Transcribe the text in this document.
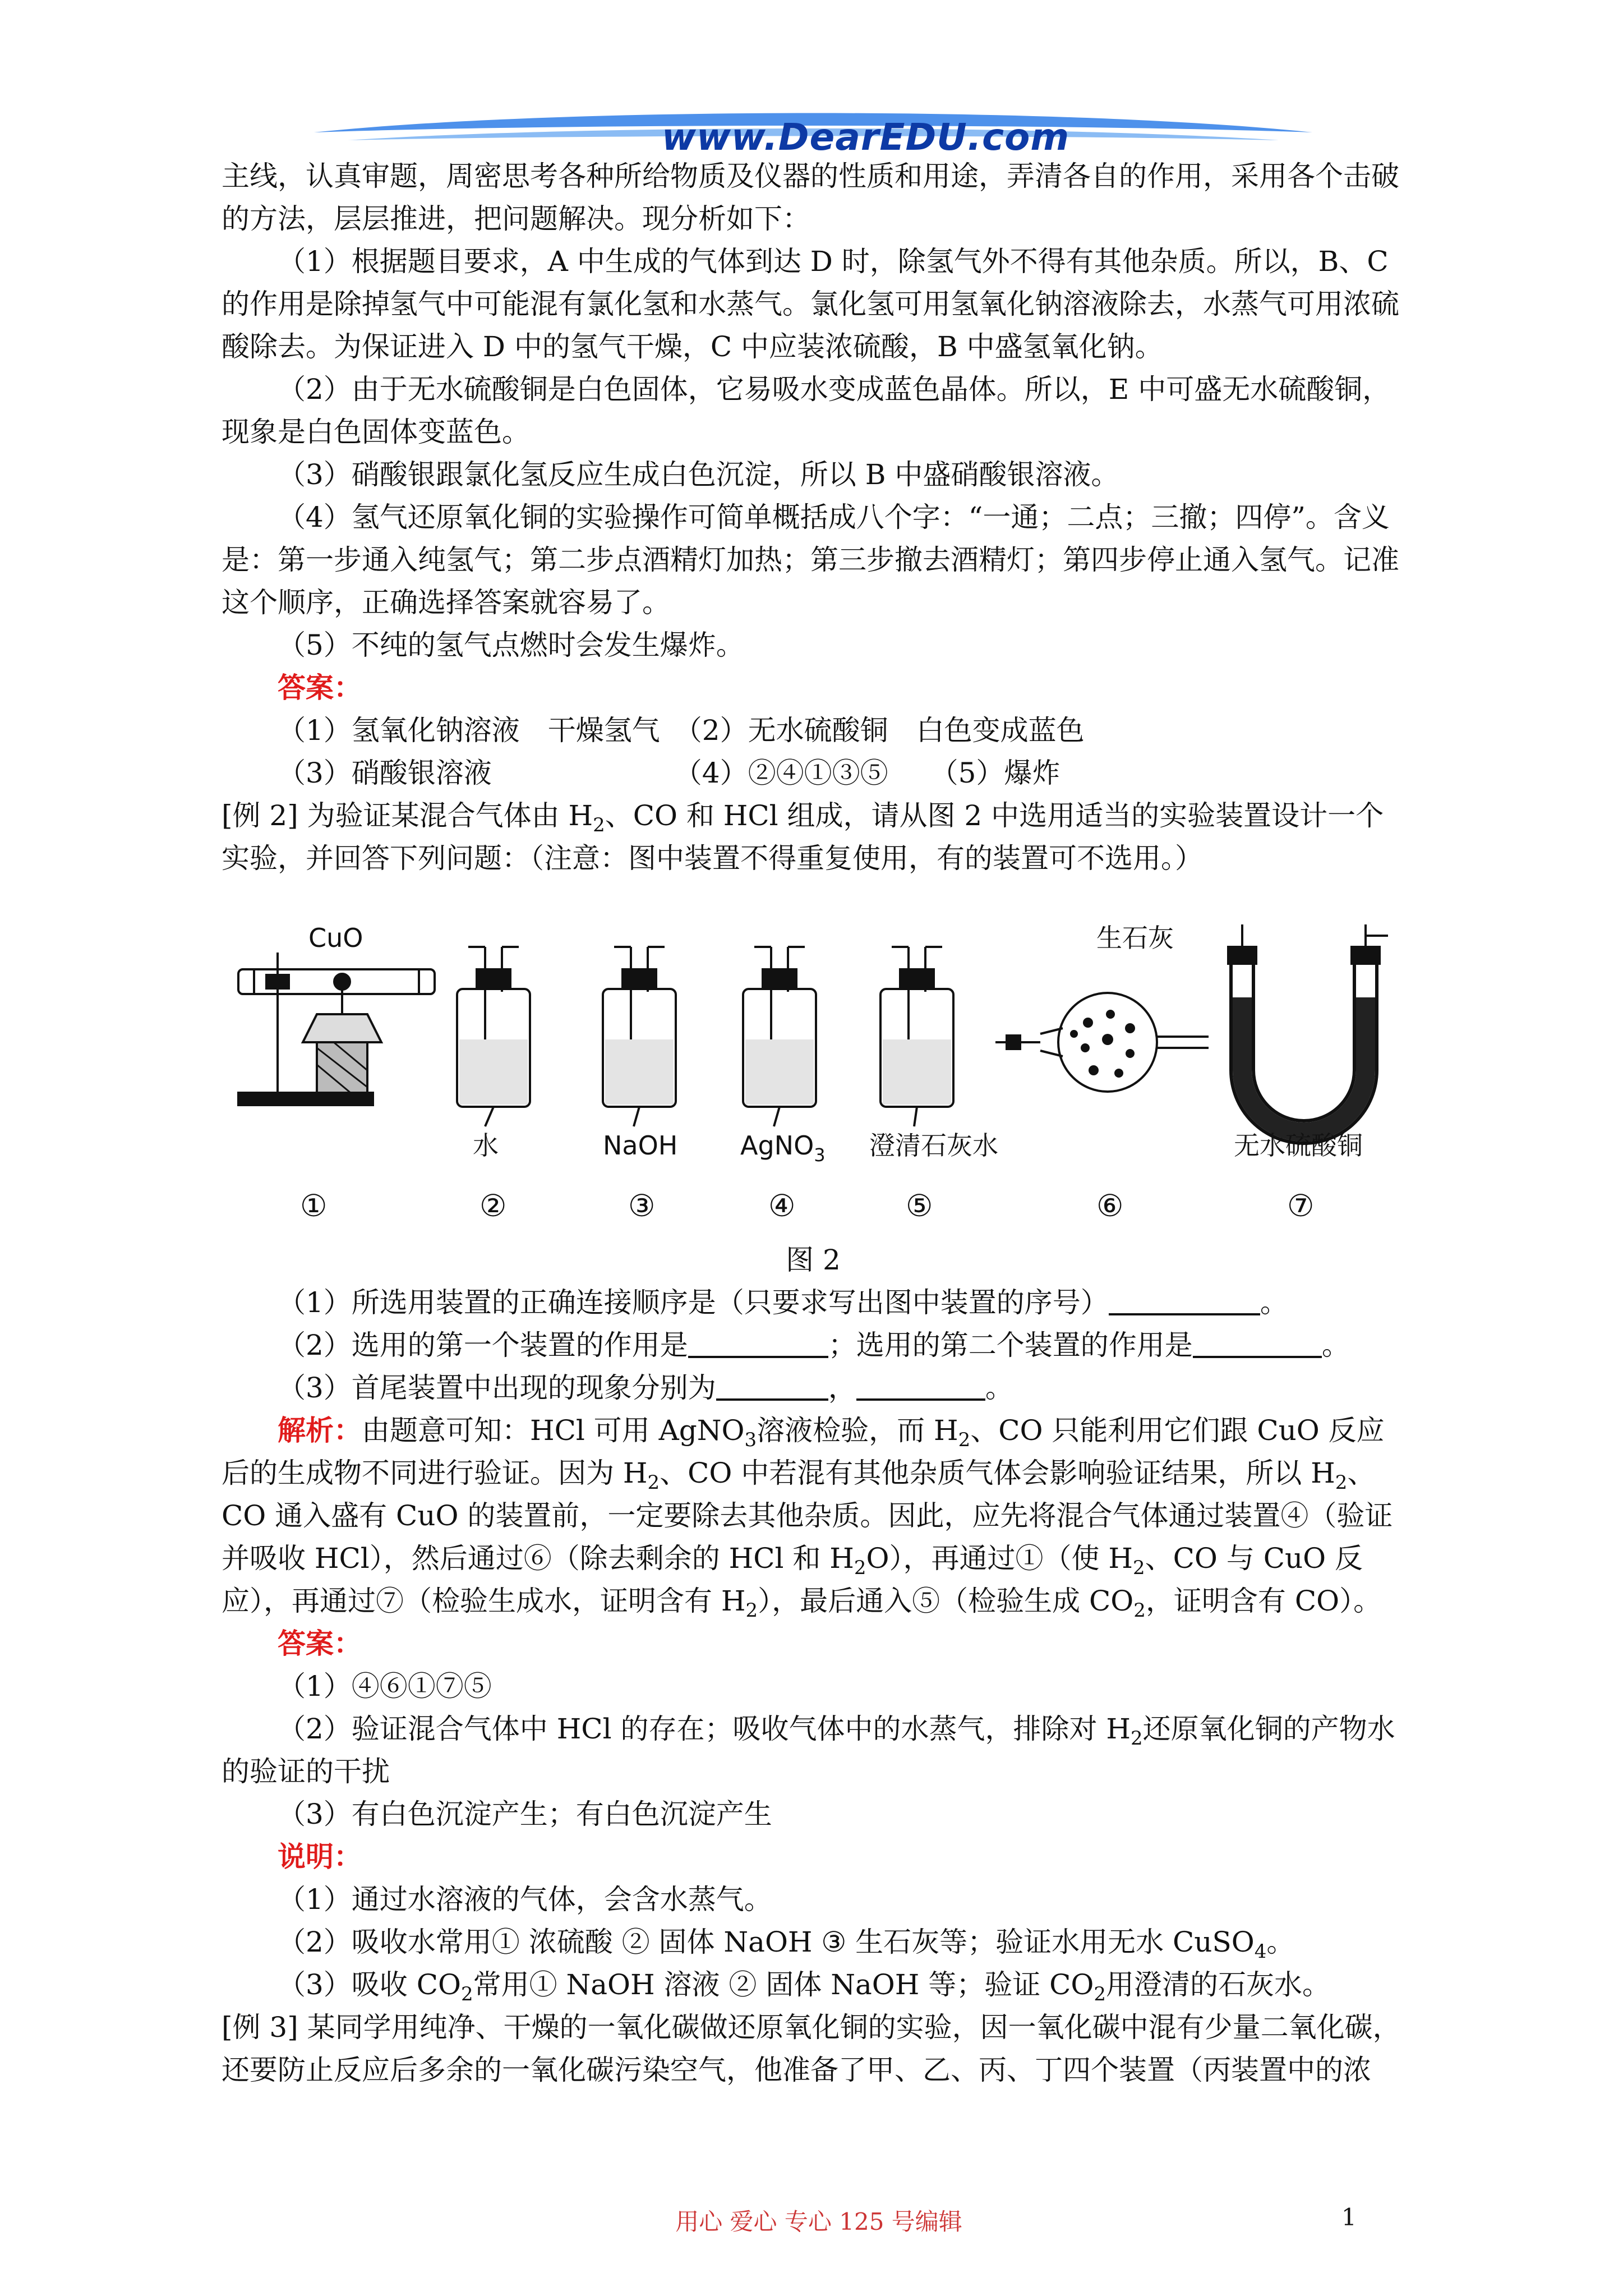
www.DearEDU.com

主线，认真审题，周密思考各种所给物质及仪器的性质和用途，弄清各自的作用，采用各个击破的方法，层层推进，把问题解决。现分析如下：

（1）根据题目要求，A 中生成的气体到达 D 时，除氢气外不得有其他杂质。所以，B、C 的作用是除掉氢气中可能混有氯化氢和水蒸气。氯化氢可用氢氧化钠溶液除去，水蒸气可用浓硫酸除去。为保证进入 D 中的氢气干燥，C 中应装浓硫酸，B 中盛氢氧化钠。

（2）由于无水硫酸铜是白色固体，它易吸水变成蓝色晶体。所以，E 中可盛无水硫酸铜，现象是白色固体变蓝色。

（3）硝酸银跟氯化氢反应生成白色沉淀，所以 B 中盛硝酸银溶液。

（4）氢气还原氧化铜的实验操作可简单概括成八个字：“一通；二点；三撤；四停”。含义是：第一步通入纯氢气；第二步点酒精灯加热；第三步撤去酒精灯；第四步停止通入氢气。记准这个顺序，正确选择答案就容易了。

（5）不纯的氢气点燃时会发生爆炸。

答案：

（1）氢氧化钠溶液　干燥氢气　（2）无水硫酸铜　白色变成蓝色

（3）硝酸银溶液　　　　　　　（4）②④①③⑤　　（5）爆炸

[例 2] 为验证某混合气体由 $H_2$、CO 和 HCl 组成，请从图 2 中选用适当的实验装置设计一个实验，并回答下列问题：（注意：图中装置不得重复使用，有的装置可不选用。）

CuO
水	NaOH AgNO$_3$ 澄清石灰水
生石灰
无水硫酸铜
①	②	③	④	⑤	⑥	⑦

图 2

（1）所选用装置的正确连接顺序是（只要求写出图中装置的序号）	。

（2）选用的第一个装置的作用是	；选用的第二个装置的作用是	。

（3）首尾装置中出现的现象分别为	，	。

解析：由题意可知：HCl 可用 AgNO$_3$溶液检验，而 $H_2$、CO 只能利用它们跟 CuO 反应后的生成物不同进行验证。因为 $H_2$、CO 中若混有其他杂质气体会影响验证结果，所以 $H_2$、CO 通入盛有 CuO 的装置前，一定要除去其他杂质。因此，应先将混合气体通过装置④（验证并吸收 HCl），然后通过⑥（除去剩余的 HCl 和 $H_2O$），再通过①（使 $H_2$、CO 与 CuO 反应），再通过⑦（检验生成水，证明含有 $H_2$），最后通入⑤（检验生成 $CO_2$，证明含有 CO）。

答案：

（1）④⑥①⑦⑤

（2）验证混合气体中 HCl 的存在；吸收气体中的水蒸气，排除对 $H_2$还原氧化铜的产物水的验证的干扰

（3）有白色沉淀产生；有白色沉淀产生

说明：

（1）通过水溶液的气体，会含水蒸气。

（2）吸收水常用① 浓硫酸 ② 固体 NaOH ③ 生石灰等；验证水用无水 CuSO$_4$。

（3）吸收 $CO_2$常用① NaOH 溶液 ② 固体 NaOH 等；验证 $CO_2$用澄清的石灰水。

[例 3] 某同学用纯净、干燥的一氧化碳做还原氧化铜的实验，因一氧化碳中混有少量二氧化碳，还要防止反应后多余的一氧化碳污染空气，他准备了甲、乙、丙、丁四个装置（丙装置中的浓

用心 爱心 专心 125 号编辑	1
